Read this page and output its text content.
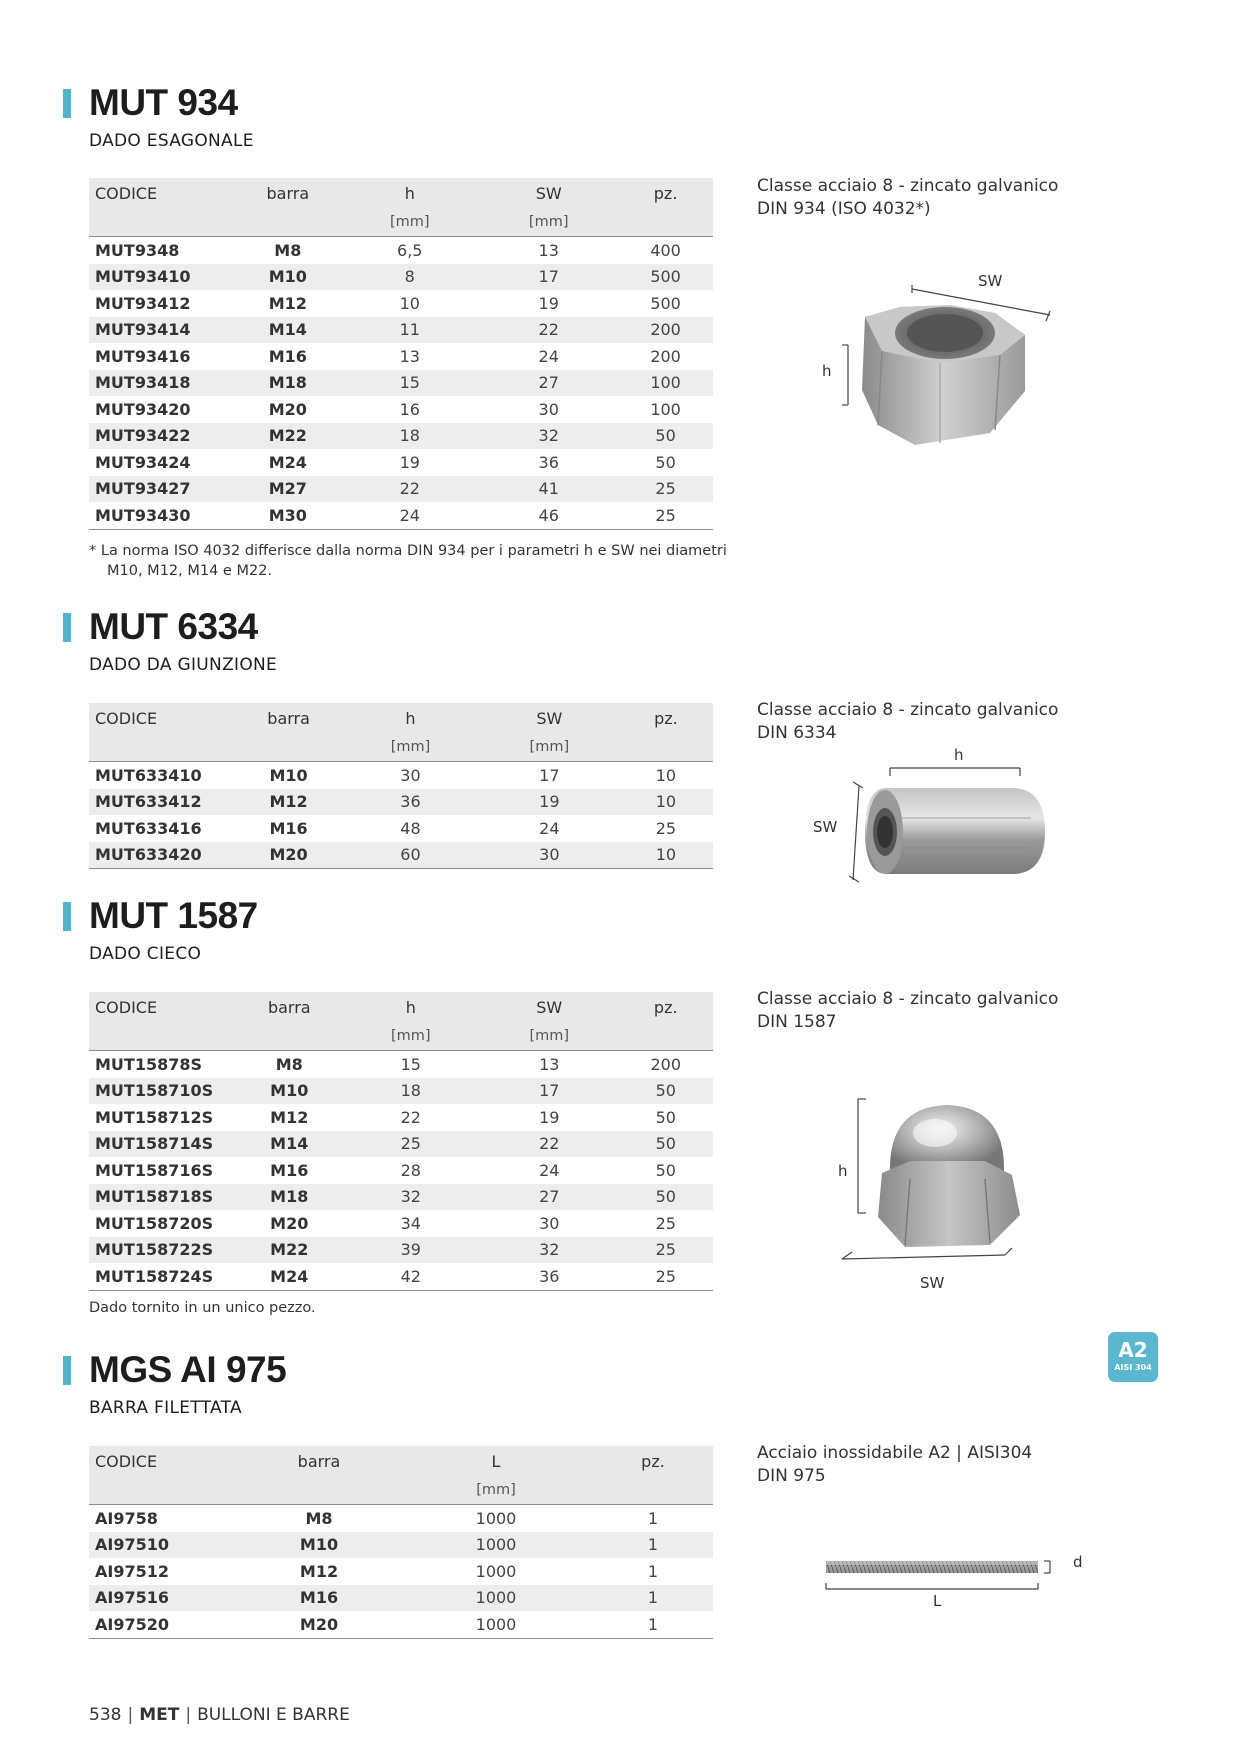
MUT 934
DADO ESAGONALE
CODICE	barra	h	SW	pz.
		[mm]	[mm]	
MUT9348	M8	6,5	13	400
MUT93410	M10	8	17	500
MUT93412	M12	10	19	500
MUT93414	M14	11	22	200
MUT93416	M16	13	24	200
MUT93418	M18	15	27	100
MUT93420	M20	16	30	100
MUT93422	M22	18	32	50
MUT93424	M24	19	36	50
MUT93427	M27	22	41	25
MUT93430	M30	24	46	25
* La norma ISO 4032 differisce dalla norma DIN 934 per i parametri h e SW nei diametri M10, M12, M14 e M22.
Classe acciaio 8 - zincato galvanico
DIN 934 (ISO 4032*)
SW
h
MUT 6334
DADO DA GIUNZIONE
CODICE	barra	h	SW	pz.
		[mm]	[mm]	
MUT633410	M10	30	17	10
MUT633412	M12	36	19	10
MUT633416	M16	48	24	25
MUT633420	M20	60	30	10
Classe acciaio 8 - zincato galvanico
DIN 6334
h
SW
MUT 1587
DADO CIECO
CODICE	barra	h	SW	pz.
		[mm]	[mm]	
MUT15878S	M8	15	13	200
MUT158710S	M10	18	17	50
MUT158712S	M12	22	19	50
MUT158714S	M14	25	22	50
MUT158716S	M16	28	24	50
MUT158718S	M18	32	27	50
MUT158720S	M20	34	30	25
MUT158722S	M22	39	32	25
MUT158724S	M24	42	36	25
Dado tornito in un unico pezzo.
Classe acciaio 8 - zincato galvanico
DIN 1587
h
SW
MGS AI 975
BARRA FILETTATA
CODICE	barra	L	pz.
		[mm]	
AI9758	M8	1000	1
AI97510	M10	1000	1
AI97512	M12	1000	1
AI97516	M16	1000	1
AI97520	M20	1000	1
Acciaio inossidabile A2 | AISI304
DIN 975
d
L
A2
AISI 304
538 | MET | BULLONI E BARRE
